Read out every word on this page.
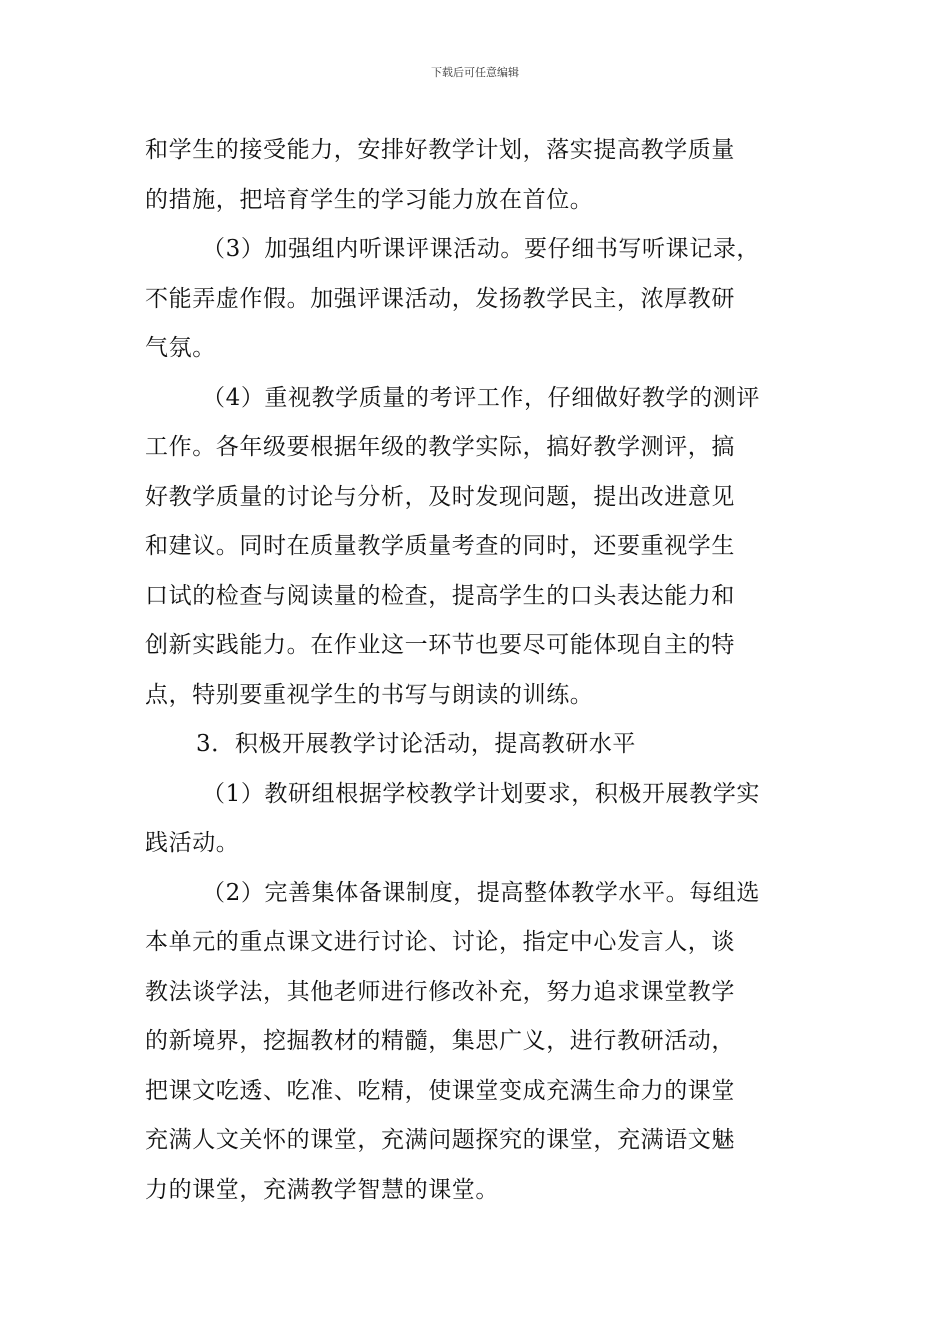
下载后可任意编辑
和学生的接受能力，安排好教学计划，落实提高教学质量
的措施，把培育学生的学习能力放在首位。
（3）加强组内听课评课活动。要仔细书写听课记录，
不能弄虚作假。加强评课活动，发扬教学民主，浓厚教研
气氛。
（4）重视教学质量的考评工作，仔细做好教学的测评
工作。各年级要根据年级的教学实际，搞好教学测评，搞
好教学质量的讨论与分析，及时发现问题，提出改进意见
和建议。同时在质量教学质量考查的同时，还要重视学生
口试的检查与阅读量的检查，提高学生的口头表达能力和
创新实践能力。在作业这一环节也要尽可能体现自主的特
点，特别要重视学生的书写与朗读的训练。
3．积极开展教学讨论活动，提高教研水平
（1）教研组根据学校教学计划要求，积极开展教学实
践活动。
（2）完善集体备课制度，提高整体教学水平。每组选
本单元的重点课文进行讨论、讨论，指定中心发言人，谈
教法谈学法，其他老师进行修改补充，努力追求课堂教学
的新境界，挖掘教材的精髓，集思广义，进行教研活动，
把课文吃透、吃准、吃精，使课堂变成充满生命力的课堂
充满人文关怀的课堂，充满问题探究的课堂，充满语文魅
力的课堂，充满教学智慧的课堂。
